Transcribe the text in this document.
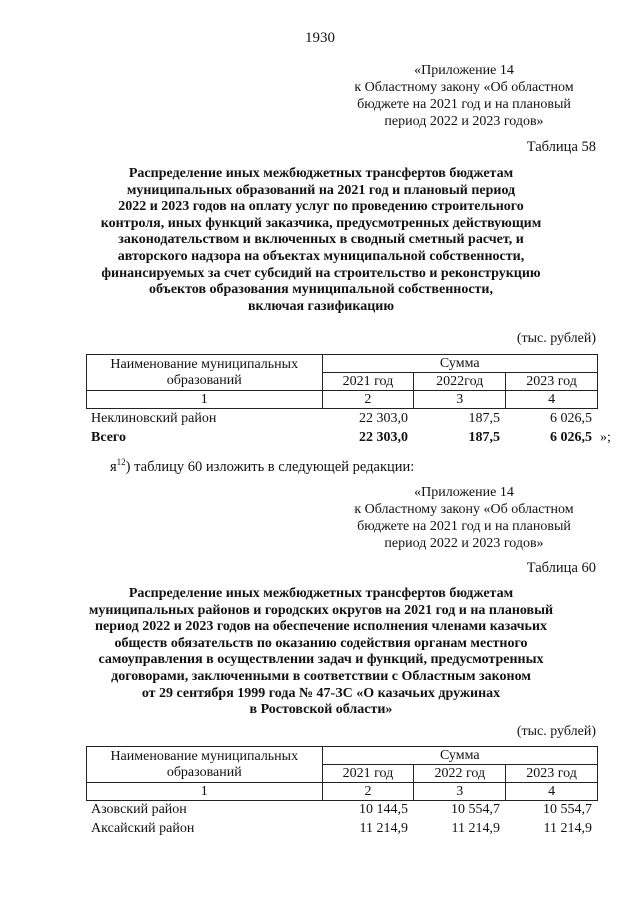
1930
«Приложение 14
к Областному закону «Об областном
бюджете на 2021 год и на плановый
период 2022 и 2023 годов»
Таблица 58
Распределение иных межбюджетных трансфертов бюджетам
муниципальных образований на 2021 год и плановый период
2022 и 2023 годов на оплату услуг по проведению строительного
контроля, иных функций заказчика, предусмотренных действующим
законодательством и включенных в сводный сметный расчет, и
авторского надзора на объектах муниципальной собственности,
финансируемых за счет субсидий на строительство и реконструкцию
объектов образования муниципальной собственности,
включая газификацию
(тыс. рублей)
Наименование муниципальных образований	Сумма		
	2021 год	2022год	2023 год
1	2	3	4
Неклиновский район	22 303,0	187,5	6 026,5
Всего	22 303,0	187,5	6 026,5 »;
$я^{12}$) таблицу 60 изложить в следующей редакции:
«Приложение 14
к Областному закону «Об областном
бюджете на 2021 год и на плановый
период 2022 и 2023 годов»
Таблица 60
Распределение иных межбюджетных трансфертов бюджетам
муниципальных районов и городских округов на 2021 год и на плановый
период 2022 и 2023 годов на обеспечение исполнения членами казачьих
обществ обязательств по оказанию содействия органам местного
самоуправления в осуществлении задач и функций, предусмотренных
договорами, заключенными в соответствии с Областным законом
от 29 сентября 1999 года № 47-ЗС «О казачьих дружинах
в Ростовской области»
(тыс. рублей)
Наименование муниципальных образований	Сумма		
	2021 год	2022 год	2023 год
1	2	3	4
Азовский район	10 144,5	10 554,7	10 554,7
Аксайский район	11 214,9	11 214,9	11 214,9
